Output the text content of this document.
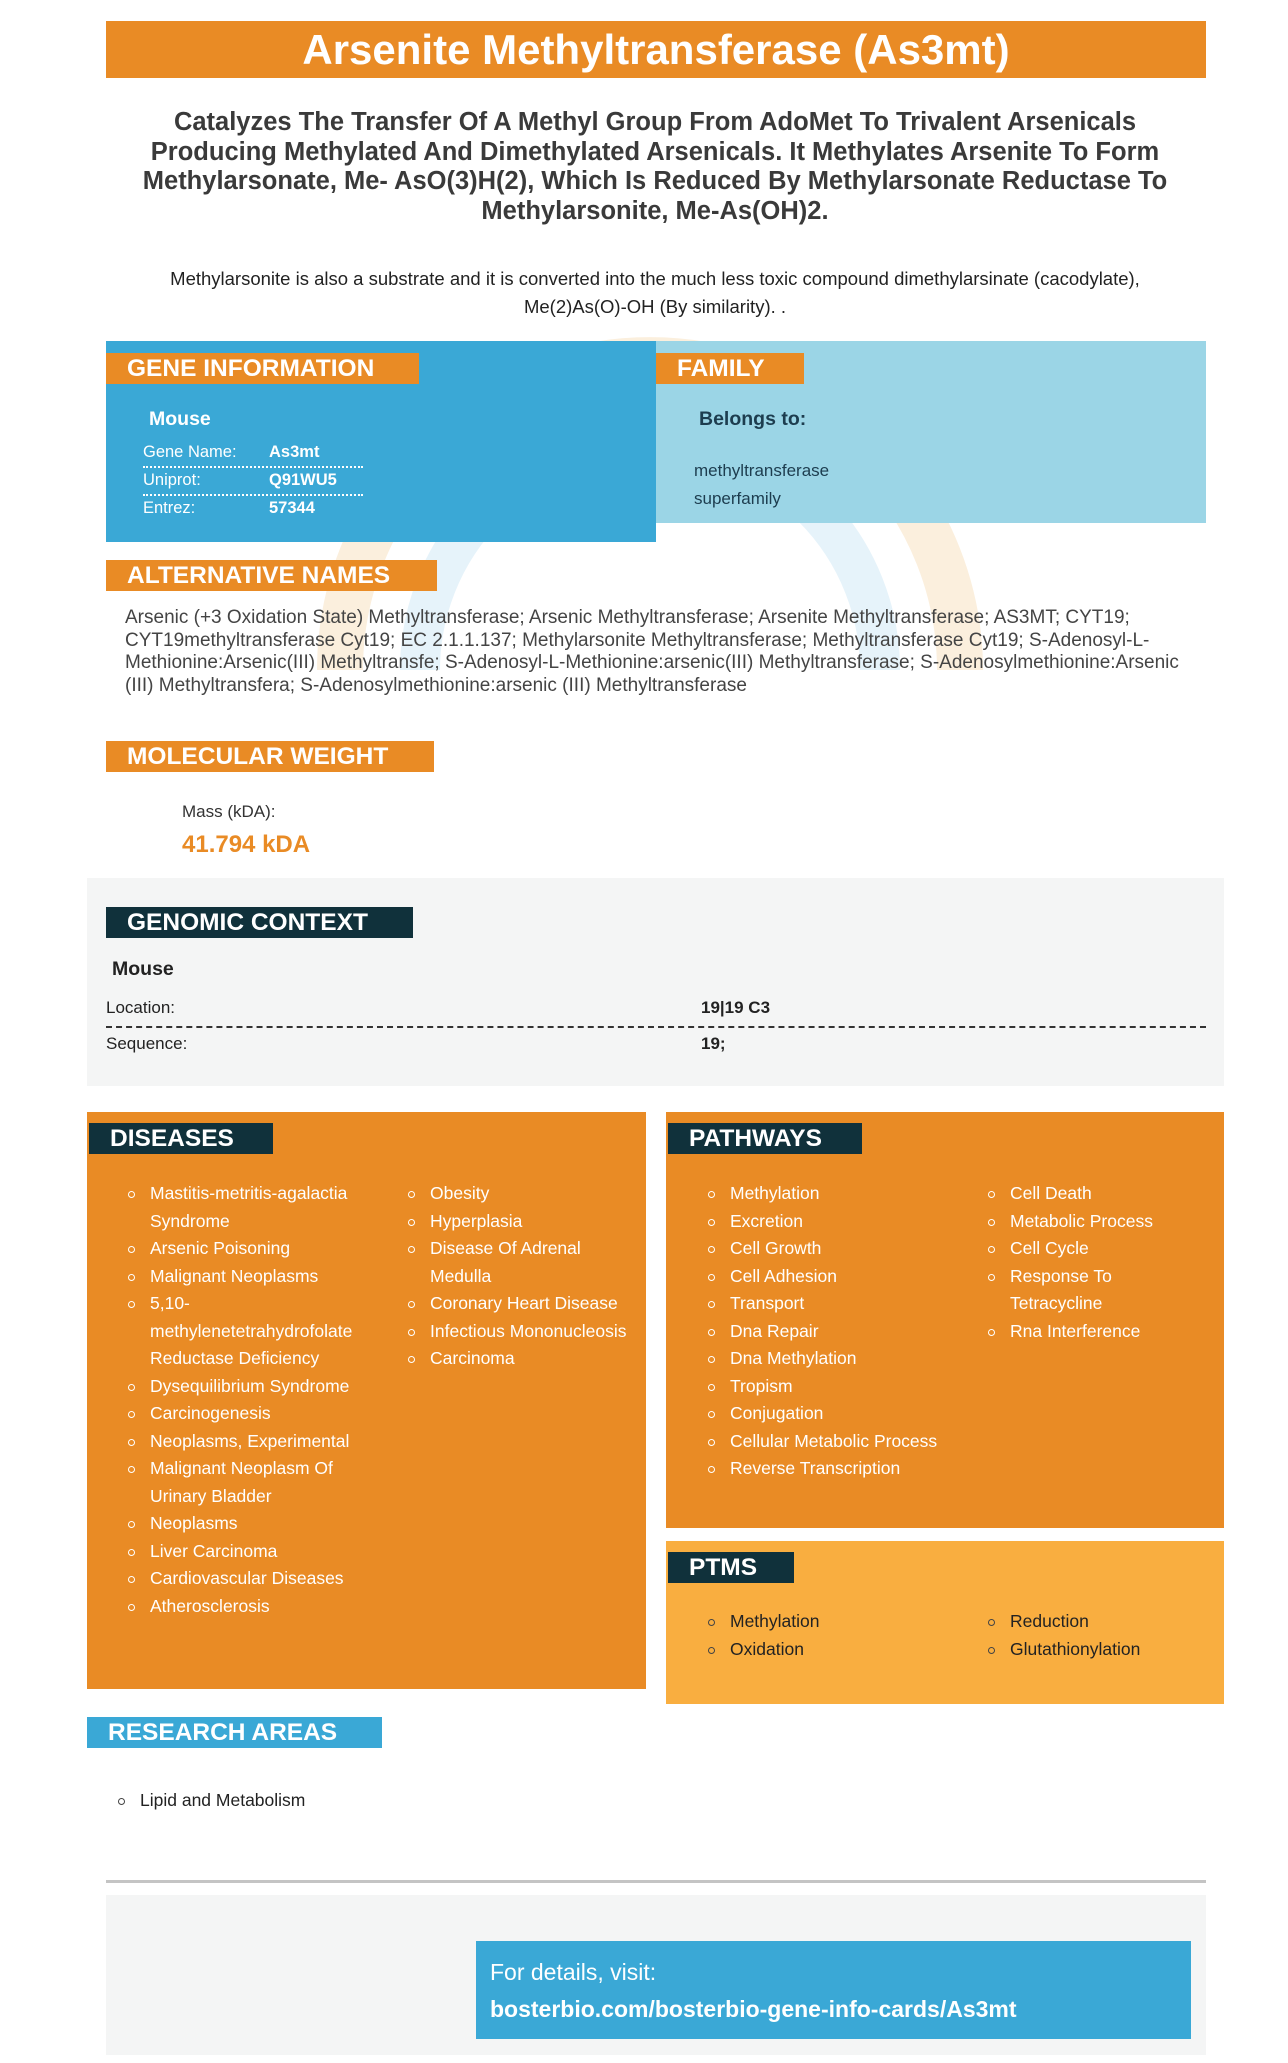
Arsenite Methyltransferase (As3mt)
Catalyzes The Transfer Of A Methyl Group From AdoMet To Trivalent Arsenicals Producing Methylated And Dimethylated Arsenicals. It Methylates Arsenite To Form Methylarsonate, Me- AsO(3)H(2), Which Is Reduced By Methylarsonate Reductase To Methylarsonite, Me-As(OH)2.
Methylarsonite is also a substrate and it is converted into the much less toxic compound dimethylarsinate (cacodylate), Me(2)As(O)-OH (By similarity). .
GENE INFORMATION
Mouse
Gene Name: As3mt
Uniprot:	Q91WU5
Entrez:	57344
FAMILY
Belongs to:
methyltransferase
superfamily
ALTERNATIVE NAMES
Arsenic (+3 Oxidation State) Methyltransferase; Arsenic Methyltransferase; Arsenite Methyltransferase; AS3MT; CYT19; CYT19methyltransferase Cyt19; EC 2.1.1.137; Methylarsonite Methyltransferase; Methyltransferase Cyt19; S-Adenosyl-L-Methionine:Arsenic(III) Methyltransfe; S-Adenosyl-L-Methionine:arsenic(III) Methyltransferase; S-Adenosylmethionine:Arsenic (III) Methyltransfera; S-Adenosylmethionine:arsenic (III) Methyltransferase
MOLECULAR WEIGHT
Mass (kDA):
41.794 kDA
GENOMIC CONTEXT
Mouse
Location:	19|19 C3
Sequence:	19;
DISEASES
Mastitis-metritis-agalactia Syndrome
Arsenic Poisoning
Malignant Neoplasms
5,10-methylenetetrahydrofolate Reductase Deficiency
Dysequilibrium Syndrome
Carcinogenesis
Neoplasms, Experimental
Malignant Neoplasm Of Urinary Bladder
Neoplasms
Liver Carcinoma
Cardiovascular Diseases
Atherosclerosis
Obesity
Hyperplasia
Disease Of Adrenal Medulla
Coronary Heart Disease
Infectious Mononucleosis
Carcinoma
PATHWAYS
Methylation
Excretion
Cell Growth
Cell Adhesion
Transport
Dna Repair
Dna Methylation
Tropism
Conjugation
Cellular Metabolic Process
Reverse Transcription
Cell Death
Metabolic Process
Cell Cycle
Response To Tetracycline
Rna Interference
PTMS
Methylation
Oxidation
Reduction
Glutathionylation
RESEARCH AREAS
Lipid and Metabolism
For details, visit:
bosterbio.com/bosterbio-gene-info-cards/As3mt
